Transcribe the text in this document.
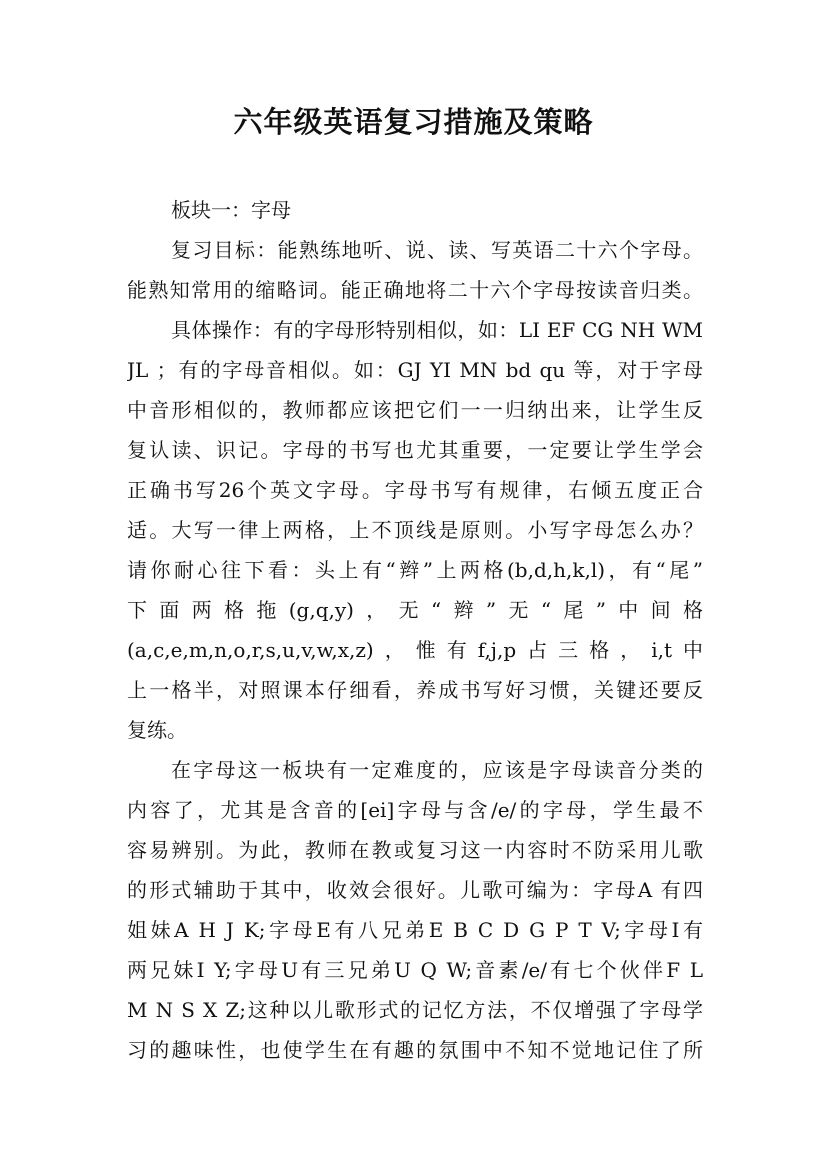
六年级英语复习措施及策略
板块一：字母
复习目标：能熟练地听、说、读、写英语二十六个字母。
能熟知常用的缩略词。能正确地将二十六个字母按读音归类。
具体操作：有的字母形特别相似，如：LI EF CG NH WM
JL ；有的字母音相似。如：GJ YI MN bd qu 等，对于字母
中音形相似的，教师都应该把它们一一归纳出来，让学生反
复认读、识记。字母的书写也尤其重要，一定要让学生学会
正确书写26个英文字母。字母书写有规律，右倾五度正合
适。大写一律上两格，上不顶线是原则。小写字母怎么办？
请你耐心往下看：头上有“辫”上两格(b,d,h,k,l)，有“尾”
下面两格拖(g,q,y)，无“辫”无“尾”中间格
(a,c,e,m,n,o,r,s,u,v,w,x,z)，惟有f,j,p占三格，i,t中
上一格半，对照课本仔细看，养成书写好习惯，关键还要反
复练。
在字母这一板块有一定难度的，应该是字母读音分类的
内容了，尤其是含音的[ei]字母与含/e/的字母，学生最不
容易辨别。为此，教师在教或复习这一内容时不防采用儿歌
的形式辅助于其中，收效会很好。儿歌可编为：字母A 有四
姐妹A H J K;字母E有八兄弟E B C D G P T V;字母I有
两兄妹I Y;字母U有三兄弟U Q W;音素/e/有七个伙伴F L
M N S X Z;这种以儿歌形式的记忆方法，不仅增强了字母学
习的趣味性，也使学生在有趣的氛围中不知不觉地记住了所
